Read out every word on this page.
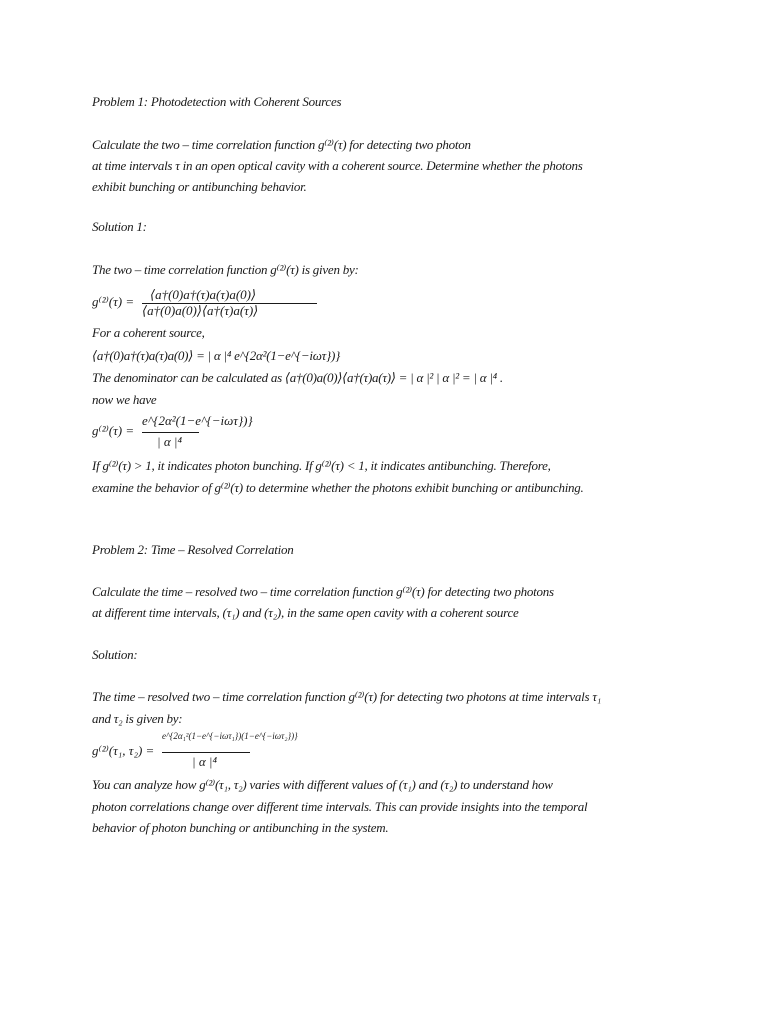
Problem 1: Photodetection with Coherent Sources

Calculate the two – time correlation function g⁽²⁾(τ) for detecting two photon

at time intervals τ in an open optical cavity with a coherent source. Determine whether the photons

exhibit bunching or antibunching behavior.

Solution 1:

The two – time correlation function g⁽²⁾(τ) is given by:

g⁽²⁾(τ) = ⟨a†(0)a†(τ)a(τ)a(0)⟩
⟨a†(0)a(0)⟩⟨a†(τ)a(τ)⟩

For a coherent source,

⟨a†(0)a†(τ)a(τ)a(0)⟩ = | α |⁴ e^{2α²(1−e^{−iωτ})}

The denominator can be calculated as ⟨a†(0)a(0)⟩⟨a†(τ)a(τ)⟩ = | α |² | α |² = | α |⁴ .

now we have

g⁽²⁾(τ) =
e^{2α²(1−e^{−iωτ})}
| α |⁴

If g⁽²⁾(τ) > 1, it indicates photon bunching. If g⁽²⁾(τ) < 1, it indicates antibunching. Therefore,

examine the behavior of g⁽²⁾(τ) to determine whether the photons exhibit bunching or antibunching.

Problem 2: Time – Resolved Correlation

Calculate the time – resolved two – time correlation function g⁽²⁾(τ) for detecting two photons

at different time intervals, (τ₁) and (τ₂), in the same open cavity with a coherent source

Solution:

The time – resolved two – time correlation function g⁽²⁾(τ) for detecting two photons at time intervals τ₁

and τ₂ is given by:

g⁽²⁾(τ₁, τ₂) =
e^{2α₁²(1−e^{−iωτ₁})(1−e^{−iωτ₂})}
| α |⁴

You can analyze how g⁽²⁾(τ₁, τ₂) varies with different values of (τ₁) and (τ₂) to understand how

photon correlations change over different time intervals. This can provide insights into the temporal

behavior of photon bunching or antibunching in the system.
